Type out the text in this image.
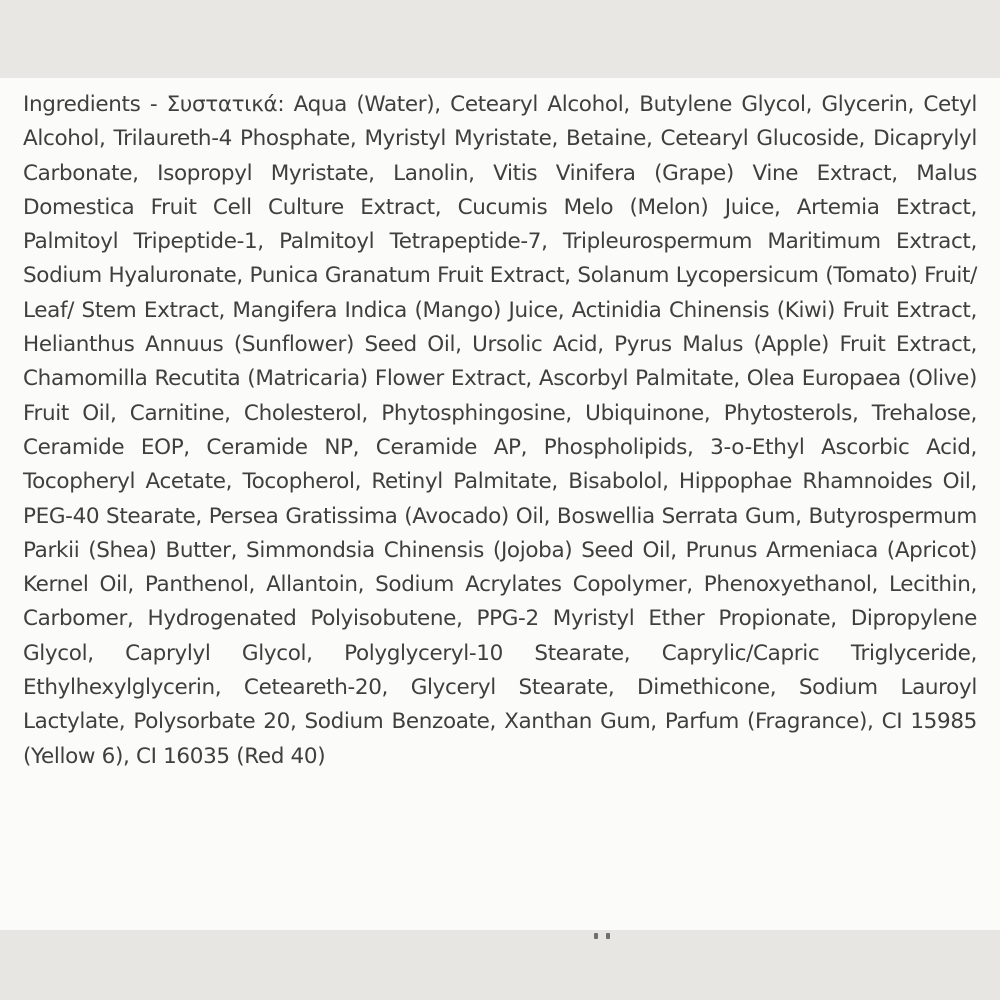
Ingredients - Συστατικά: Aqua (Water), Cetearyl Alcohol, Butylene Glycol, Glycerin, Cetyl Alcohol, Trilaureth-4 Phosphate, Myristyl Myristate, Betaine, Cetearyl Glucoside, Dicaprylyl Carbonate, Isopropyl Myristate, Lanolin, Vitis Vinifera (Grape) Vine Extract, Malus Domestica Fruit Cell Culture Extract, Cucumis Melo (Melon) Juice, Artemia Extract, Palmitoyl Tripeptide-1, Palmitoyl Tetrapeptide-7, Tripleurospermum Maritimum Extract, Sodium Hyaluronate, Punica Granatum Fruit Extract, Solanum Lycopersicum (Tomato) Fruit/ Leaf/ Stem Extract, Mangifera Indica (Mango) Juice, Actinidia Chinensis (Kiwi) Fruit Extract, Helianthus Annuus (Sunflower) Seed Oil, Ursolic Acid, Pyrus Malus (Apple) Fruit Extract, Chamomilla Recutita (Matricaria) Flower Extract, Ascorbyl Palmitate, Olea Europaea (Olive) Fruit Oil, Carnitine, Cholesterol, Phytosphingosine, Ubiquinone, Phytosterols, Trehalose, Ceramide EOP, Ceramide NP, Ceramide AP, Phospholipids, 3-o-Ethyl Ascorbic Acid, Tocopheryl Acetate, Tocopherol, Retinyl Palmitate, Bisabolol, Hippophae Rhamnoides Oil, PEG-40 Stearate, Persea Gratissima (Avocado) Oil, Boswellia Serrata Gum, Butyrospermum Parkii (Shea) Butter, Simmondsia Chinensis (Jojoba) Seed Oil, Prunus Armeniaca (Apricot) Kernel Oil, Panthenol, Allantoin, Sodium Acrylates Copolymer, Phenoxyethanol, Lecithin, Carbomer, Hydrogenated Polyisobutene, PPG-2 Myristyl Ether Propionate, Dipropylene Glycol, Caprylyl Glycol, Polyglyceryl-10 Stearate, Caprylic/Capric Triglyceride, Ethylhexylglycerin, Ceteareth-20, Glyceryl Stearate, Dimethicone, Sodium Lauroyl Lactylate, Polysorbate 20, Sodium Benzoate, Xanthan Gum, Parfum (Fragrance), CI 15985 (Yellow 6), CI 16035 (Red 40)
